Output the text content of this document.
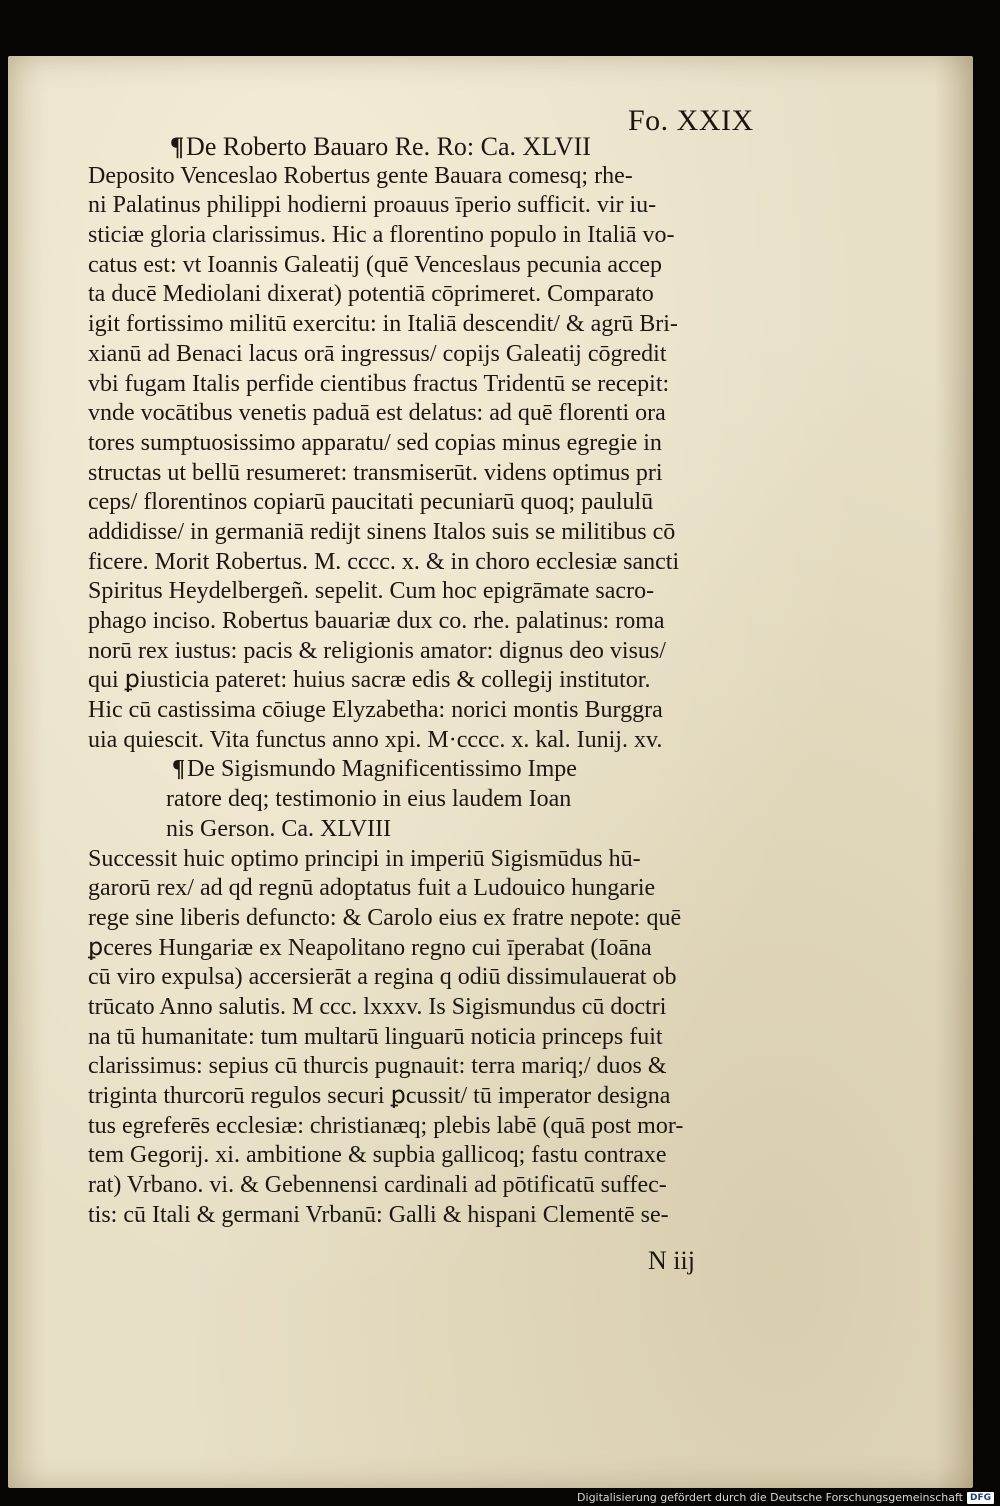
Fo. XXIX
¶De Roberto Bauaro Re. Ro: Ca. XLVII
Deposito Venceslao Robertus gente Bauara comesq; rhe-
ni Palatinus philippi hodierni proauus īperio sufficit. vir iu-
sticiæ gloria clarissimus. Hic a florentino populo in Italiā vo-
catus est: vt Ioannis Galeatij (quē Venceslaus pecunia accep
ta ducē Mediolani dixerat) potentiā cōprimeret. Comparato
igit fortissimo militū exercitu: in Italiā descendit/ & agrū Bri-
xianū ad Benaci lacus orā ingressus/ copijs Galeatij cōgredit
vbi fugam Italis perfide cientibus fractus Tridentū se recepit:
vnde vocātibus venetis paduā est delatus: ad quē florenti ora
tores sumptuosissimo apparatu/ sed copias minus egregie in
structas ut bellū resumeret: transmiserūt. videns optimus pri
ceps/ florentinos copiarū paucitati pecuniarū quoq; paululū
addidisse/ in germaniā redijt sinens Italos suis se militibus cō
ficere. Morit Robertus. M. cccc. x. & in choro ecclesiæ sancti
Spiritus Heydelbergeñ. sepelit. Cum hoc epigrāmate sacro-
phago inciso. Robertus bauariæ dux co. rhe. palatinus: roma
norū rex iustus: pacis & religionis amator: dignus deo visus/
qui ꝑiusticia pateret: huius sacræ edis & collegij institutor.
Hic cū castissima cōiuge Elyzabetha: norici montis Burggra
uia quiescit. Vita functus anno xpi. M·cccc. x. kal. Iunij. xv.
¶De Sigismundo Magnificentissimo Impe
ratore deq; testimonio in eius laudem Ioan
nis Gerson. Ca. XLVIII
Successit huic optimo principi in imperiū Sigismūdus hū-
garorū rex/ ad qd regnū adoptatus fuit a Ludouico hungarie
rege sine liberis defuncto: & Carolo eius ex fratre nepote: quē
ꝑceres Hungariæ ex Neapolitano regno cui īperabat (Ioāna
cū viro expulsa) accersierāt a regina q odiū dissimulauerat ob
trūcato Anno salutis. M ccc. lxxxv. Is Sigismundus cū doctri
na tū humanitate: tum multarū linguarū noticia princeps fuit
clarissimus: sepius cū thurcis pugnauit: terra mariq;/ duos &
triginta thurcorū regulos securi ꝑcussit/ tū imperator designa
tus egreferēs ecclesiæ: christianæq; plebis labē (quā post mor-
tem Gegorij. xi. ambitione & supbia gallicoq; fastu contraxe
rat) Vrbano. vi. & Gebennensi cardinali ad pōtificatū suffec-
tis: cū Itali & germani Vrbanū: Galli & hispani Clementē se-
N iij
Digitalisierung gefördert durch die Deutsche Forschungsgemeinschaft DFG
